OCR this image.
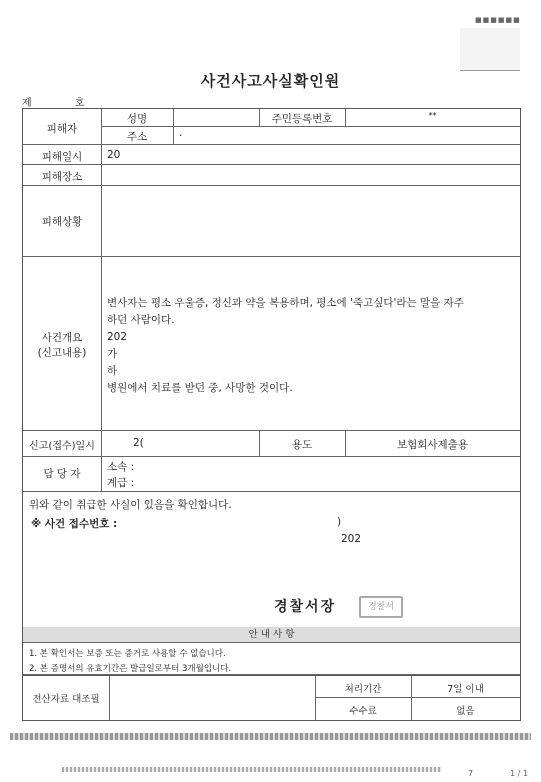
■■■■■■
사건사고사실확인원
제	호
피해자
성명	주민등록번호	**
주소	.
피해일시	20
피해장소
피해상황
사건개요
(신고내용)
변사자는 평소 우울증, 정신과 약을 복용하며, 평소에 '죽고싶다'라는 말을 자주
하던 사람이다.
202
가
하
병원에서 치료를 받던 중, 사망한 것이다.
신고(접수)일시	2(	용도	보험회사제출용
담 당 자
소속 :
계급 :
위와 같이 취급한 사실이 있음을 확인합니다.
※ 사건 접수번호 :	)
202
경찰서장	경찰서
안 내 사 항
1. 본 확인서는 보증 또는 증거로 사용할 수 없습니다.
2. 본 증명서의 유효기간은 발급일로부터 3개월입니다.
전산자료 대조필
처리기간	7일 이내
수수료	없음
7	1 / 1
